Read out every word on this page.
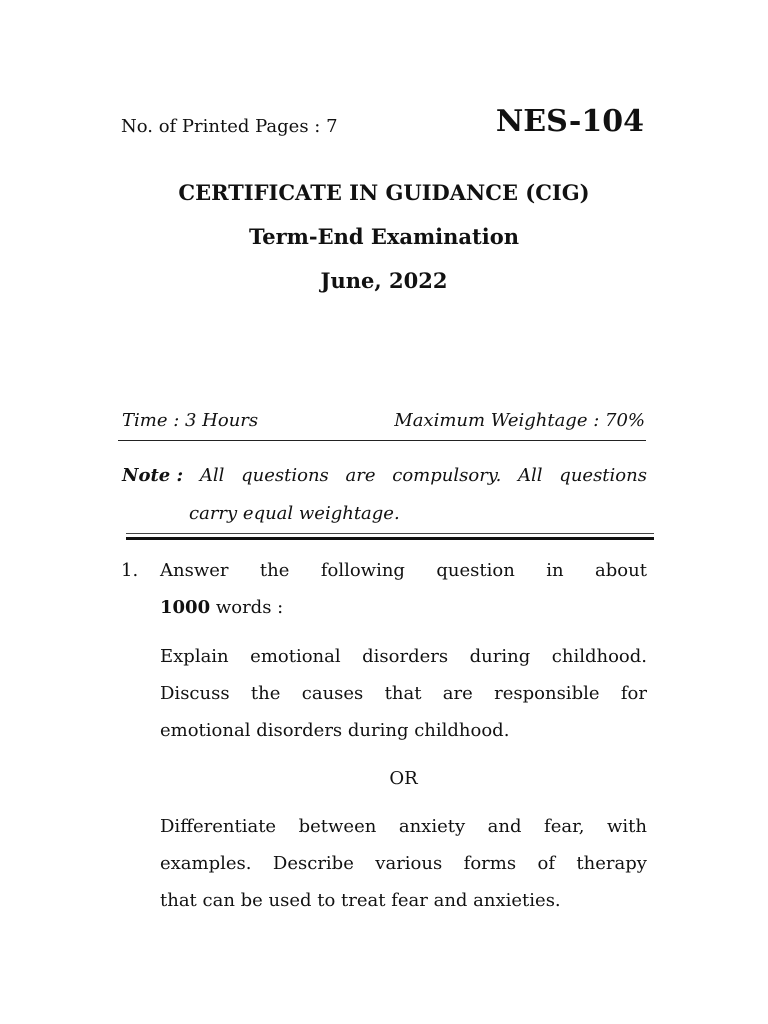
No. of Printed Pages : 7	NES-104
CERTIFICATE IN GUIDANCE (CIG)
Term-End Examination
June, 2022
Time : 3 Hours	Maximum Weightage : 70%
Note : All questions are compulsory. All questions
carry equal weightage.
1. Answer the following question in about
1000 words :
Explain emotional disorders during childhood.
Discuss the causes that are responsible for
emotional disorders during childhood.
OR
Differentiate between anxiety and fear, with
examples. Describe various forms of therapy
that can be used to treat fear and anxieties.
